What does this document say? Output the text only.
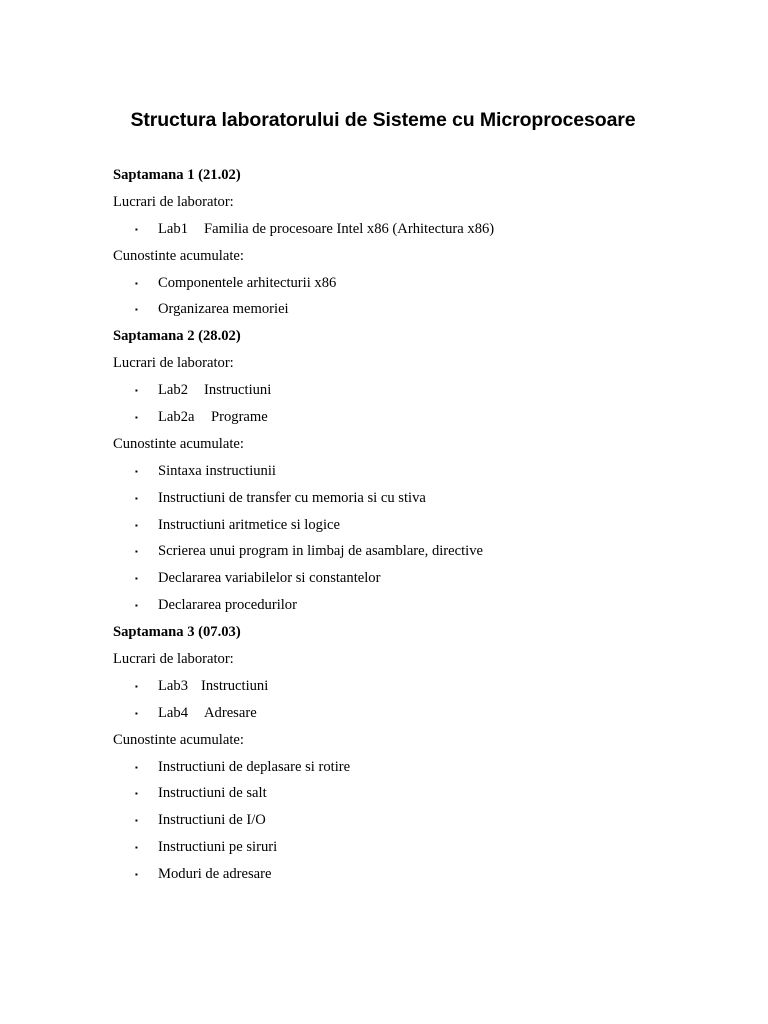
Structura laboratorului de Sisteme cu Microprocesoare
Saptamana 1 (21.02)
Lucrari de laborator:
▪ Lab1 Familia de procesoare Intel x86 (Arhitectura x86)
Cunostinte acumulate:
▪ Componentele arhitecturii x86
▪ Organizarea memoriei
Saptamana 2 (28.02)
Lucrari de laborator:
▪ Lab2 Instructiuni
▪ Lab2a Programe
Cunostinte acumulate:
▪ Sintaxa instructiunii
▪ Instructiuni de transfer cu memoria si cu stiva
▪ Instructiuni aritmetice si logice
▪ Scrierea unui program in limbaj de asamblare, directive
▪ Declararea variabilelor si constantelor
▪ Declararea procedurilor
Saptamana 3 (07.03)
Lucrari de laborator:
▪ Lab3 Instructiuni
▪ Lab4 Adresare
Cunostinte acumulate:
▪ Instructiuni de deplasare si rotire
▪ Instructiuni de salt
▪ Instructiuni de I/O
▪ Instructiuni pe siruri
▪ Moduri de adresare
